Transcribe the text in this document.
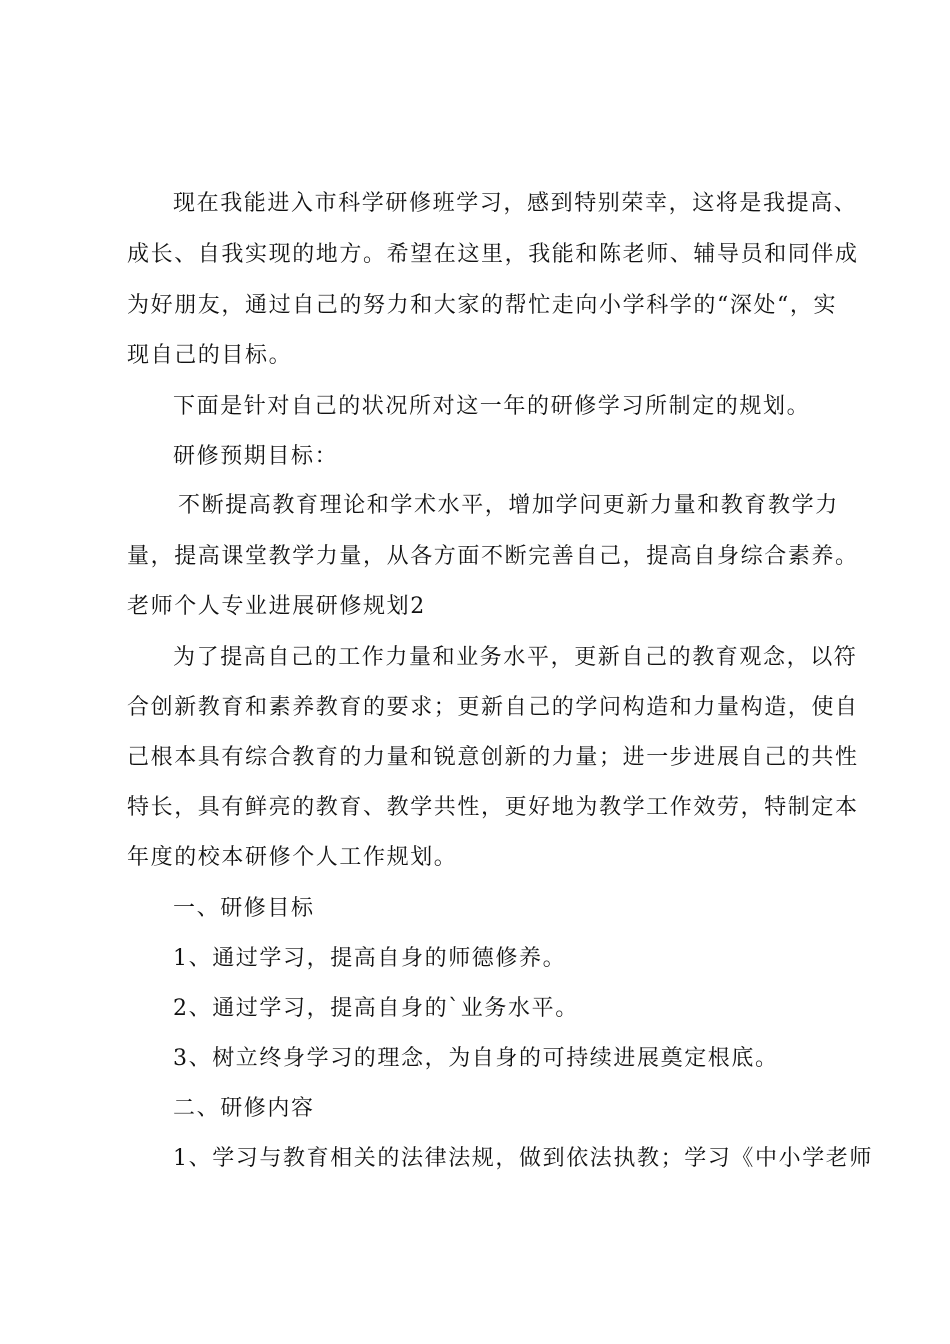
现在我能进入市科学研修班学习，感到特别荣幸，这将是我提高、
成长、自我实现的地方。希望在这里，我能和陈老师、辅导员和同伴成
为好朋友，通过自己的努力和大家的帮忙走向小学科学的“深处“，实
现自己的目标。
下面是针对自己的状况所对这一年的研修学习所制定的规划。
研修预期目标：
不断提高教育理论和学术水平，增加学问更新力量和教育教学力
量，提高课堂教学力量，从各方面不断完善自己，提高自身综合素养。
老师个人专业进展研修规划2
为了提高自己的工作力量和业务水平，更新自己的教育观念，以符
合创新教育和素养教育的要求；更新自己的学问构造和力量构造，使自
己根本具有综合教育的力量和锐意创新的力量；进一步进展自己的共性
特长，具有鲜亮的教育、教学共性，更好地为教学工作效劳，特制定本
年度的校本研修个人工作规划。
一、研修目标
1、通过学习，提高自身的师德修养。
2、通过学习，提高自身的`业务水平。
3、树立终身学习的理念，为自身的可持续进展奠定根底。
二、研修内容
1、学习与教育相关的法律法规，做到依法执教；学习《中小学老师
